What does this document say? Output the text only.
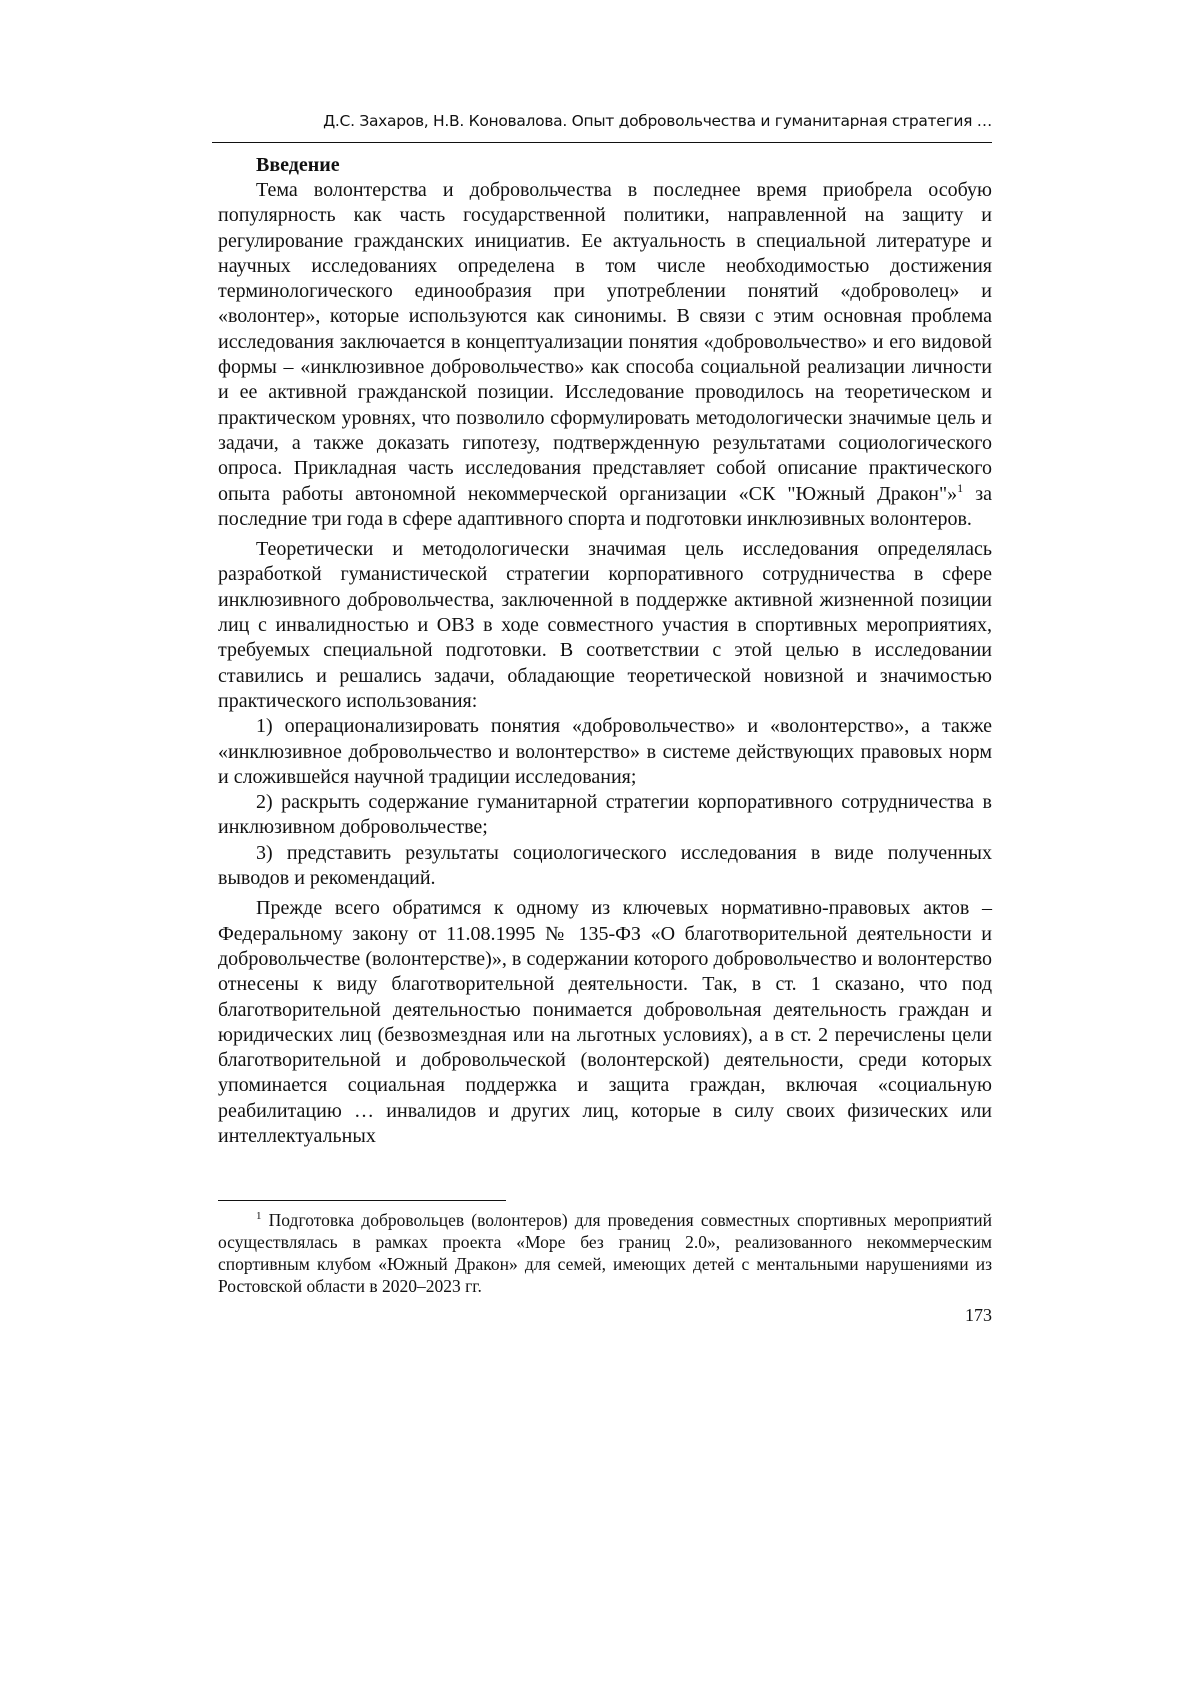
Д.С. Захаров, Н.В. Коновалова. Опыт добровольчества и гуманитарная стратегия …
Введение

Тема волонтерства и добровольчества в последнее время приобрела особую популярность как часть государственной политики, направленной на защиту и регулирование гражданских инициатив. Ее актуальность в специальной литературе и научных исследованиях определена в том числе необходимостью достижения терминологического единообразия при употреблении понятий «доброволец» и «волонтер», которые используются как синонимы. В связи с этим основная проблема исследования заключается в концептуализации понятия «добровольчество» и его видовой формы – «инклюзивное добровольчество» как способа социальной реализации личности и ее активной гражданской позиции. Исследование проводилось на теоретическом и практическом уровнях, что позволило сформулировать методологически значимые цель и задачи, а также доказать гипотезу, подтвержденную результатами социологического опроса. Прикладная часть исследования представляет собой описание практического опыта работы автономной некоммерческой организации «СК "Южный Дракон"»$^1$ за последние три года в сфере адаптивного спорта и подготовки инклюзивных волонтеров.

Теоретически и методологически значимая цель исследования определялась разработкой гуманистической стратегии корпоративного сотрудничества в сфере инклюзивного добровольчества, заключенной в поддержке активной жизненной позиции лиц с инвалидностью и ОВЗ в ходе совместного участия в спортивных мероприятиях, требуемых специальной подготовки. В соответствии с этой целью в исследовании ставились и решались задачи, обладающие теоретической новизной и значимостью практического использования:

1) операционализировать понятия «добровольчество» и «волонтерство», а также «инклюзивное добровольчество и волонтерство» в системе действующих правовых норм и сложившейся научной традиции исследования;

2) раскрыть содержание гуманитарной стратегии корпоративного сотрудничества в инклюзивном добровольчестве;

3) представить результаты социологического исследования в виде полученных выводов и рекомендаций.

Прежде всего обратимся к одному из ключевых нормативно-правовых актов – Федеральному закону от 11.08.1995 № 135-ФЗ «О благотворительной деятельности и добровольчестве (волонтерстве)», в содержании которого добровольчество и волонтерство отнесены к виду благотворительной деятельности. Так, в ст. 1 сказано, что под благотворительной деятельностью понимается добровольная деятельность граждан и юридических лиц (безвозмездная или на льготных условиях), а в ст. 2 перечислены цели благотворительной и добровольческой (волонтерской) деятельности, среди которых упоминается социальная поддержка и защита граждан, включая «социальную реабилитацию … инвалидов и других лиц, которые в силу своих физических или интеллектуальных

$^1$ Подготовка добровольцев (волонтеров) для проведения совместных спортивных мероприятий осуществлялась в рамках проекта «Море без границ 2.0», реализованного некоммерческим спортивным клубом «Южный Дракон» для семей, имеющих детей с ментальными нарушениями из Ростовской области в 2020–2023 гг.

173
